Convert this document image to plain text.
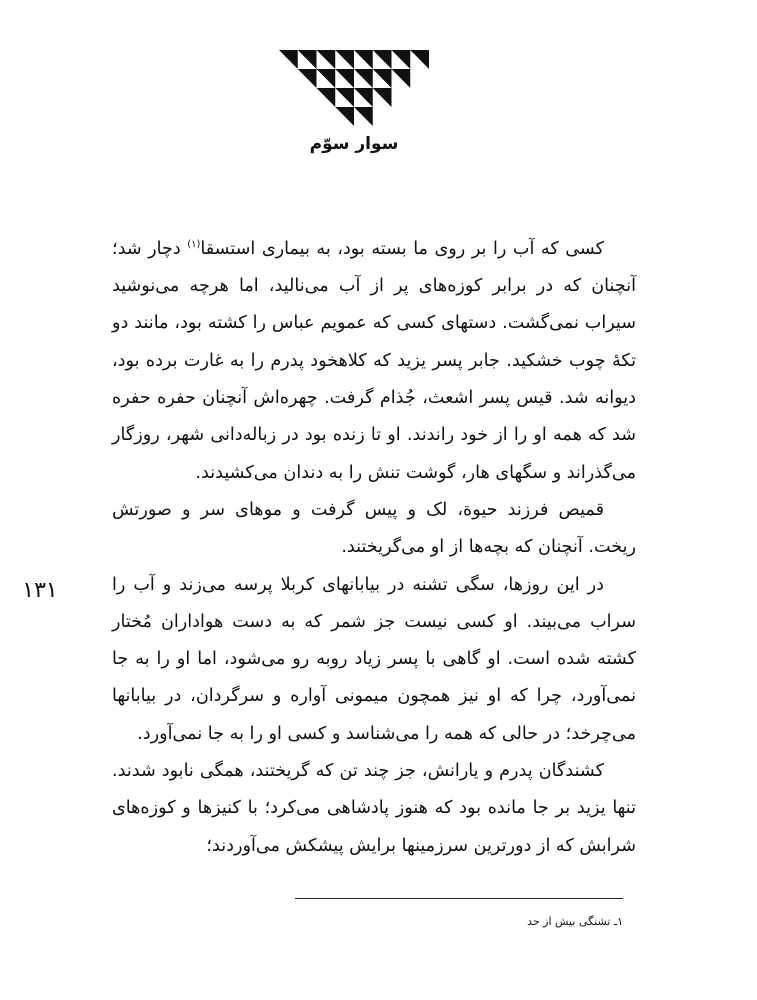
سوار سوّم

کسی که آب را بر روی ما بسته بود، به بیماری استسقا$^{(۱)}$ دچار شد؛ آنچنان که در برابر کوزه‌های پر از آب می‌نالید، اما هرچه می‌نوشید سیراب نمی‌گشت. دستهای کسی که عمویم عباس را کشته بود، مانند دو تکهٔ چوب خشکید. جابر پسر یزید که کلاهخود پدرم را به غارت برده بود، دیوانه شد. قیس پسر اشعث، جُذام گرفت. چهره‌اش آنچنان حفره حفره شد که همه او را از خود راندند. او تا زنده بود در زباله‌دانی شهر، روزگار می‌گذراند و سگهای هار، گوشت تنش را به دندان می‌کشیدند.

قمیص فرزند حیوة، لک و پیس گرفت و موهای سر و صورتش ریخت. آنچنان که بچه‌ها از او می‌گریختند.

در این روزها، سگی تشنه در بیابانهای کربلا پرسه می‌زند و آب را سراب می‌بیند. او کسی نیست جز شمر که به دست هواداران مُختار کشته شده است. او گاهی با پسر زیاد روبه رو می‌شود، اما او را به جا نمی‌آورد، چرا که او نیز همچون میمونی آواره و سرگردان، در بیابانها می‌چرخد؛ در حالی که همه را می‌شناسد و کسی او را به جا نمی‌آورد.

کشندگان پدرم و یارانش، جز چند تن که گریختند، همگی نابود شدند. تنها یزید بر جا مانده بود که هنوز پادشاهی می‌کرد؛ با کنیزها و کوزه‌های شرابش که از دورترین سرزمینها برایش پیشکش می‌آوردند؛

۱۳۱
۱ـ تشنگی بیش از حد
